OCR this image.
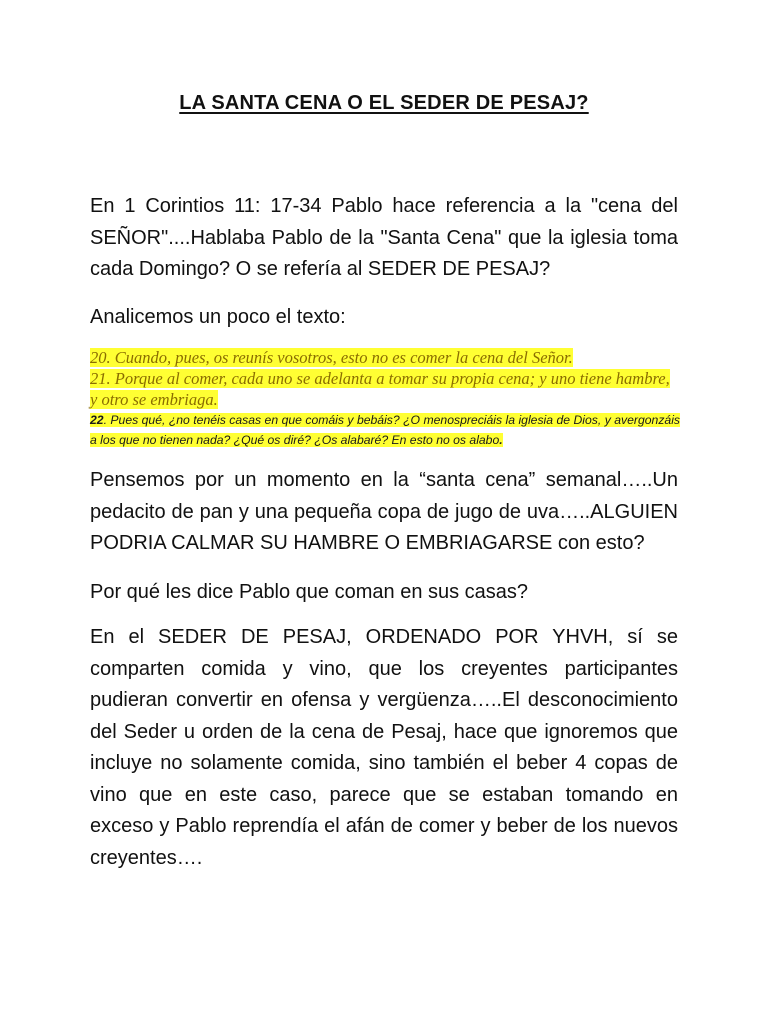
LA SANTA CENA O EL SEDER DE PESAJ?

En 1 Corintios 11: 17-34 Pablo hace referencia a la "cena del SEÑOR"....Hablaba Pablo de la "Santa Cena" que la iglesia toma cada Domingo? O se refería al SEDER DE PESAJ?

Analicemos un poco el texto:

20. Cuando, pues, os reunís vosotros, esto no es comer la cena del Señor.
21. Porque al comer, cada uno se adelanta a tomar su propia cena; y uno tiene hambre, y otro se embriaga.
22. Pues qué, ¿no tenéis casas en que comáis y bebáis? ¿O menospreciáis la iglesia de Dios, y avergonzáis a los que no tienen nada? ¿Qué os diré? ¿Os alabaré? En esto no os alabo.

Pensemos por un momento en la “santa cena” semanal…..Un pedacito de pan y una pequeña copa de jugo de uva…..ALGUIEN PODRIA CALMAR SU HAMBRE O EMBRIAGARSE con esto?

Por qué les dice Pablo que coman en sus casas?

En el SEDER DE PESAJ, ORDENADO POR YHVH, sí se comparten comida y vino, que los creyentes participantes pudieran convertir en ofensa y vergüenza…..El desconocimiento del Seder u orden de la cena de Pesaj, hace que ignoremos que incluye no solamente comida, sino también el beber 4 copas de vino que en este caso, parece que se estaban tomando en exceso y Pablo reprendía el afán de comer y beber de los nuevos creyentes….
